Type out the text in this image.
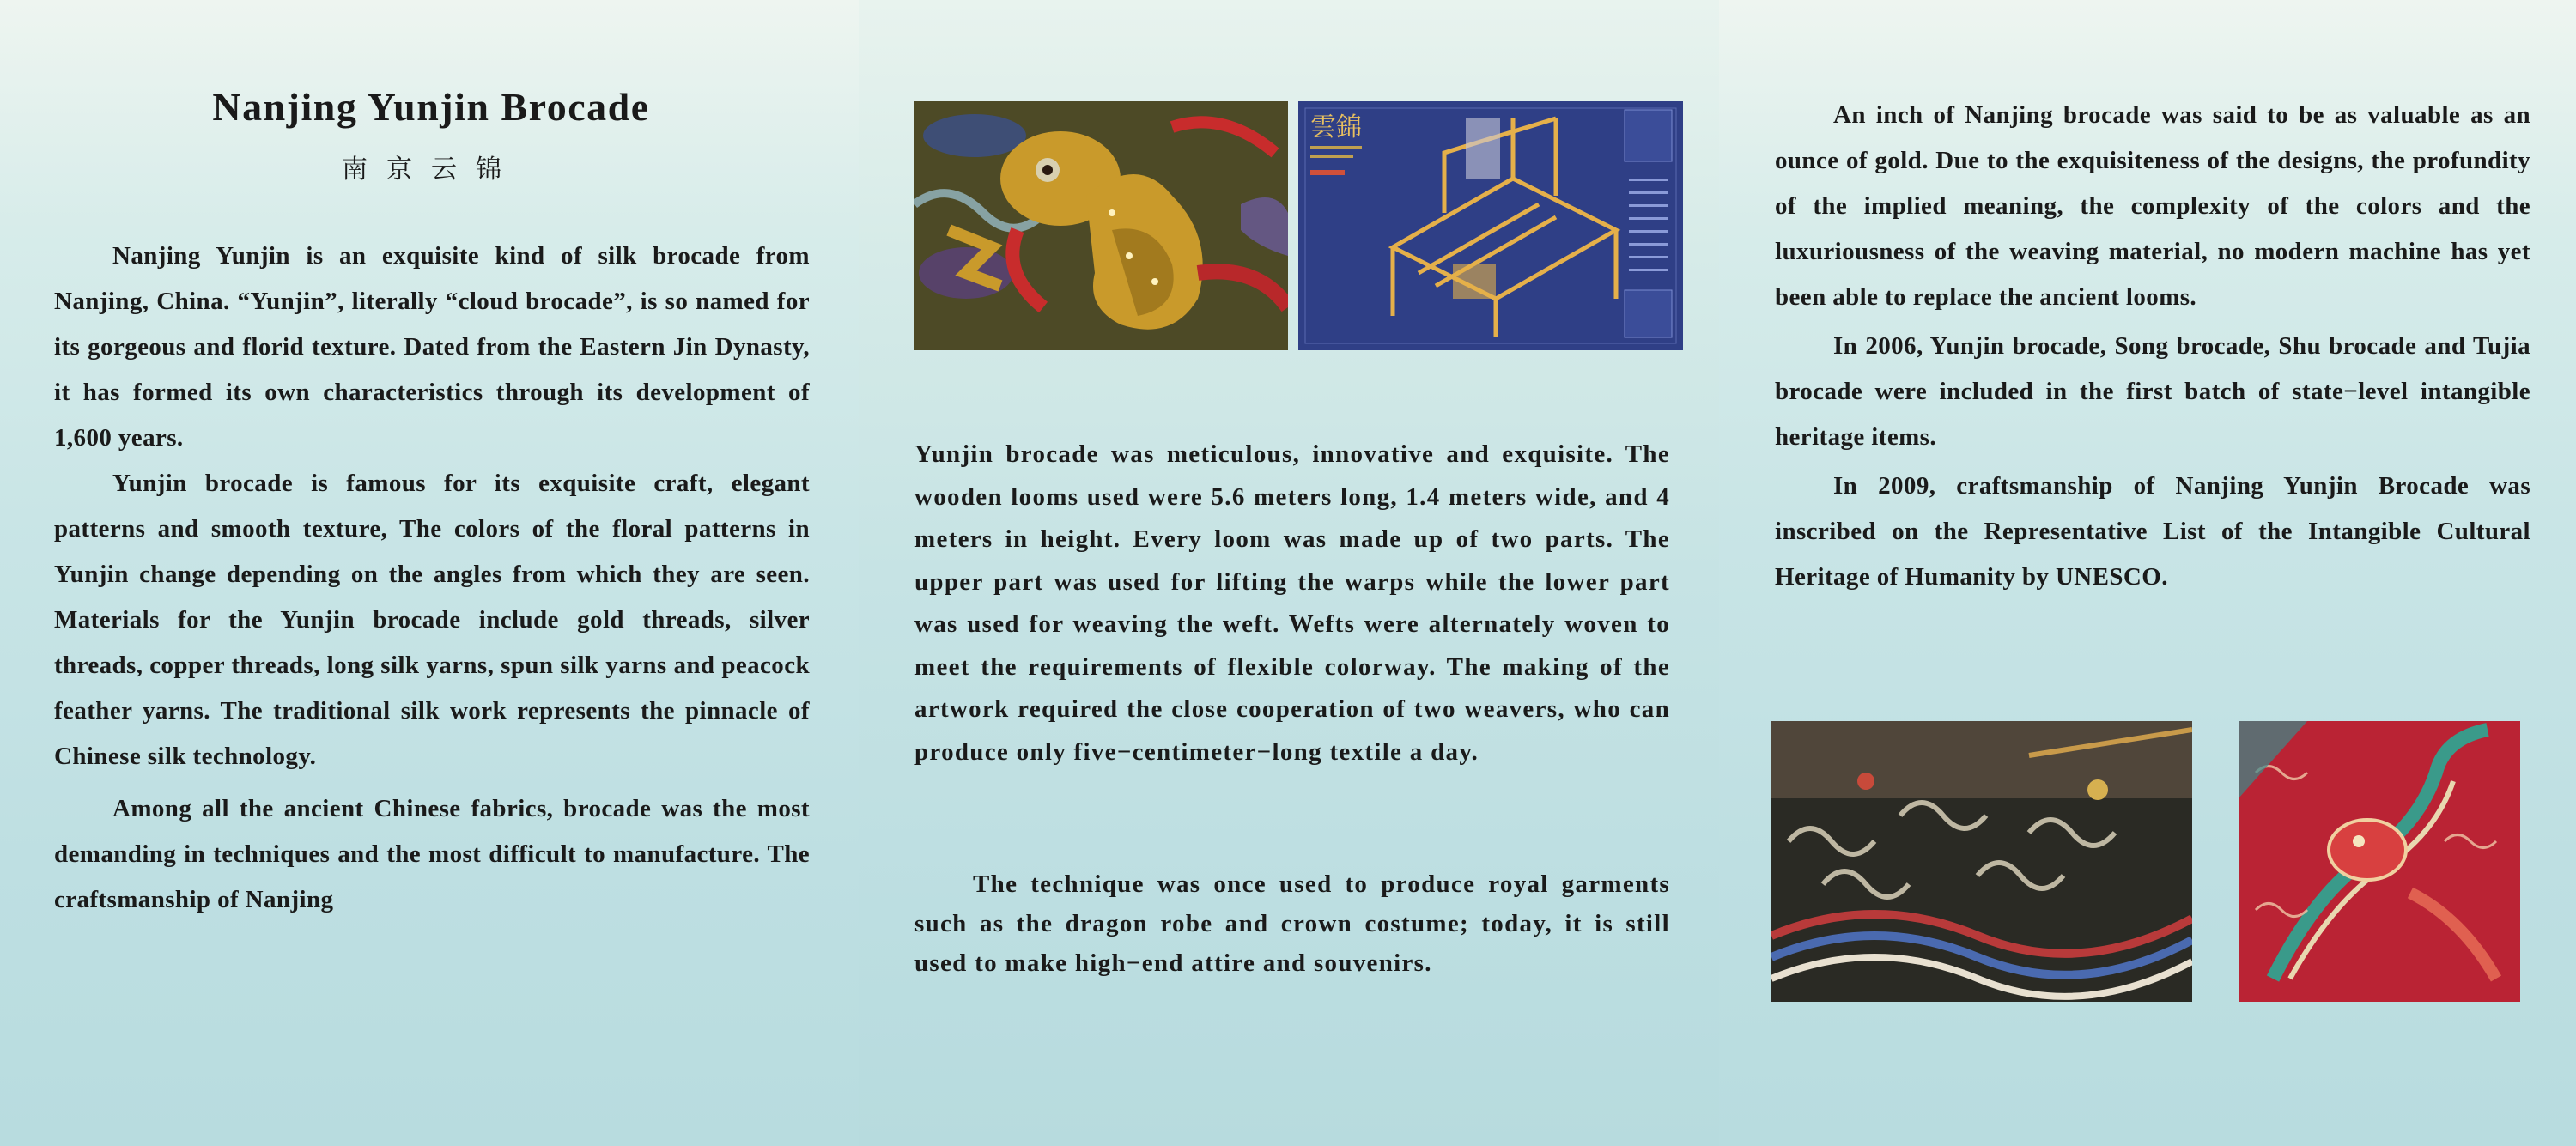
Nanjing Yunjin Brocade
南京云锦

Nanjing Yunjin is an exquisite kind of silk brocade from Nanjing, China. “Yunjin”, literally “cloud brocade”, is so named for its gorgeous and florid texture. Dated from the Eastern Jin Dynasty, it has formed its own characteristics through its development of 1,600 years.

Yunjin brocade is famous for its exquisite craft, elegant patterns and smooth texture, The colors of the floral patterns in Yunjin change depending on the angles from which they are seen. Materials for the Yunjin brocade include gold threads, silver threads, copper threads, long silk yarns, spun silk yarns and peacock feather yarns. The traditional silk work represents the pinnacle of Chinese silk technology.

Among all the ancient Chinese fabrics, brocade was the most demanding in techniques and the most difficult to manufacture. The craftsmanship of Nanjing

雲錦

Yunjin brocade was meticulous, innovative and exquisite. The wooden looms used were 5.6 meters long, 1.4 meters wide, and 4 meters in height. Every loom was made up of two parts. The upper part was used for lifting the warps while the lower part was used for weaving the weft. Wefts were alternately woven to meet the requirements of flexible colorway. The making of the artwork required the close cooperation of two weavers, who can produce only five−centimeter−long textile a day.

The technique was once used to produce royal garments such as the dragon robe and crown costume; today, it is still used to make high−end attire and souvenirs.

An inch of Nanjing brocade was said to be as valuable as an ounce of gold. Due to the exquisiteness of the designs, the profundity of the implied meaning, the complexity of the colors and the luxuriousness of the weaving material, no modern machine has yet been able to replace the ancient looms.

In 2006, Yunjin brocade, Song brocade, Shu brocade and Tujia brocade were included in the first batch of state−level intangible heritage items.

In 2009, craftsmanship of Nanjing Yunjin Brocade was inscribed on the Representative List of the Intangible Cultural Heritage of Humanity by UNESCO.
